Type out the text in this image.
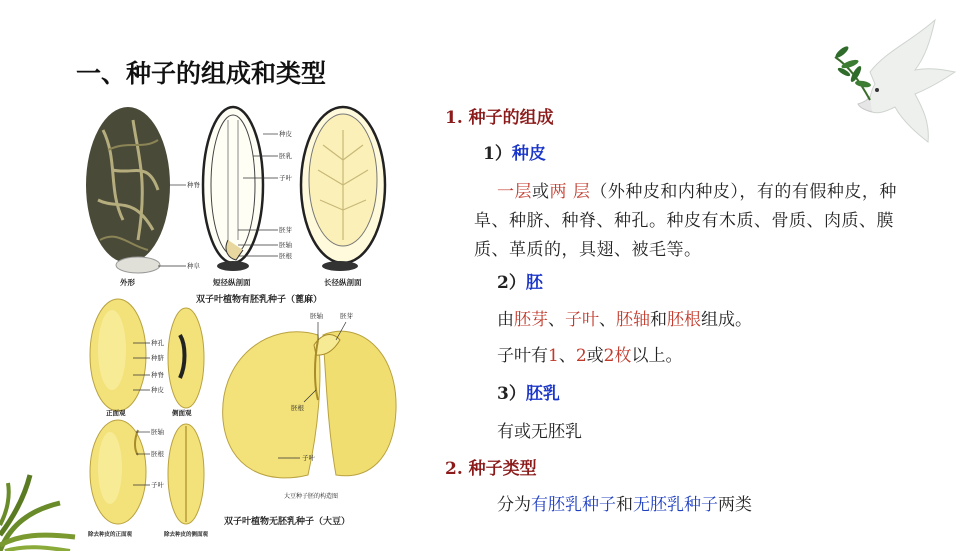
一、种子的组成和类型
种皮
胚乳
子叶
胚芽
胚轴
胚根
种脊
种阜
外形	短径纵剖面	长径纵剖面
双子叶植物有胚乳种子（蓖麻）
种孔
种脐
种脊
种皮
正面观	侧面观
胚轴
胚根
子叶
除去种皮的正面观	除去种皮的侧面观
胚轴	胚芽
胚根
子叶
大豆种子胚的构造图
双子叶植物无胚乳种子（大豆）
1. 种子的组成
1）种皮
一层或两 层（外种皮和内种皮），有的有假种皮，种阜、种脐、种脊、种孔。种皮有木质、骨质、肉质、膜质、革质的，具翅、被毛等。
2）胚
由胚芽、子叶、胚轴和胚根组成。
子叶有1、2或2枚以上。
3）胚乳
有或无胚乳
2. 种子类型
分为有胚乳种子和无胚乳种子两类
